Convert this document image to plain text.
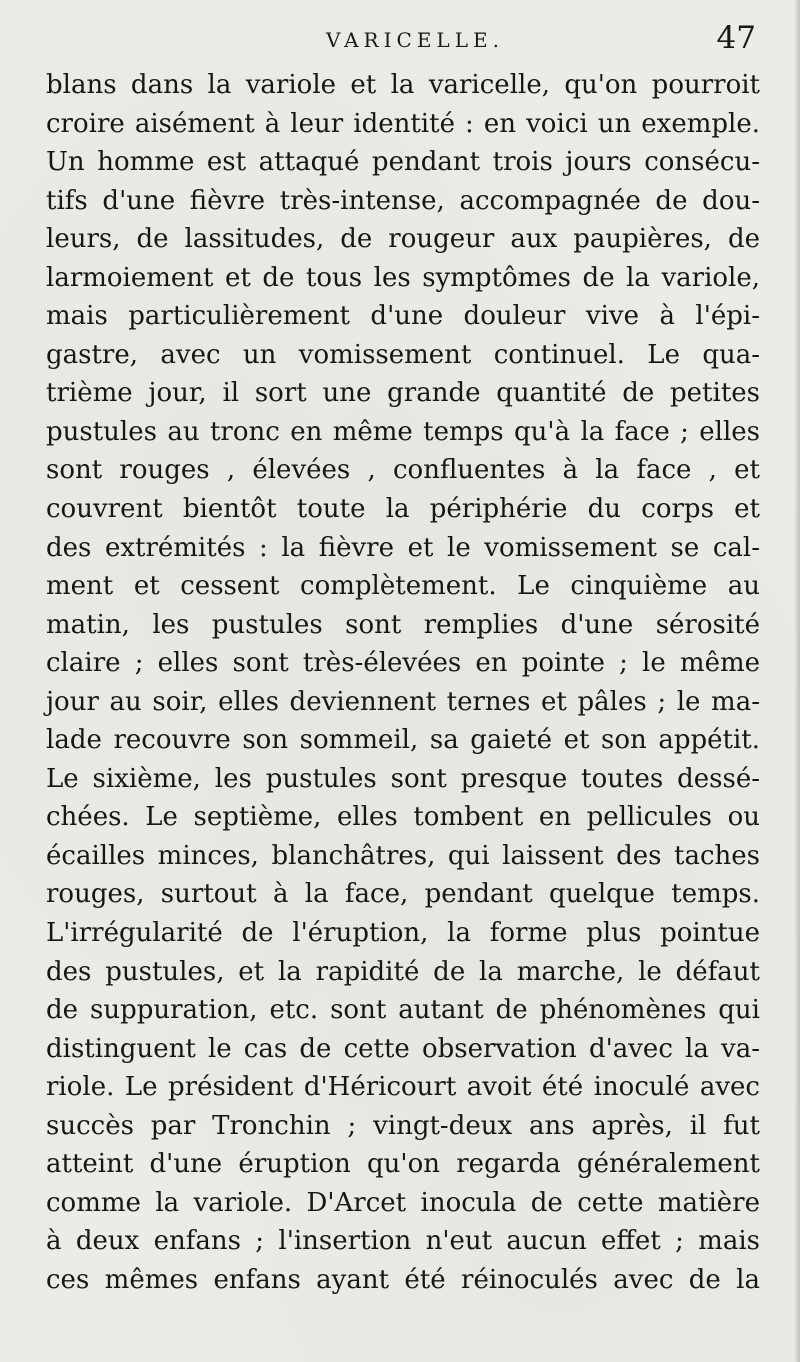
VARICELLE.	47
blans dans la variole et la varicelle, qu'on pourroit
croire aisément à leur identité : en voici un exemple.
Un homme est attaqué pendant trois jours consécu-
tifs d'une fièvre très-intense, accompagnée de dou-
leurs, de lassitudes, de rougeur aux paupières, de
larmoiement et de tous les symptômes de la variole,
mais particulièrement d'une douleur vive à l'épi-
gastre, avec un vomissement continuel. Le qua-
trième jour, il sort une grande quantité de petites
pustules au tronc en même temps qu'à la face ; elles
sont rouges , élevées , confluentes à la face , et
couvrent bientôt toute la périphérie du corps et
des extrémités : la fièvre et le vomissement se cal-
ment et cessent complètement. Le cinquième au
matin, les pustules sont remplies d'une sérosité
claire ; elles sont très-élevées en pointe ; le même
jour au soir, elles deviennent ternes et pâles ; le ma-
lade recouvre son sommeil, sa gaieté et son appétit.
Le sixième, les pustules sont presque toutes dessé-
chées. Le septième, elles tombent en pellicules ou
écailles minces, blanchâtres, qui laissent des taches
rouges, surtout à la face, pendant quelque temps.
L'irrégularité de l'éruption, la forme plus pointue
des pustules, et la rapidité de la marche, le défaut
de suppuration, etc. sont autant de phénomènes qui
distinguent le cas de cette observation d'avec la va-
riole. Le président d'Héricourt avoit été inoculé avec
succès par Tronchin ; vingt-deux ans après, il fut
atteint d'une éruption qu'on regarda généralement
comme la variole. D'Arcet inocula de cette matière
à deux enfans ; l'insertion n'eut aucun effet ; mais
ces mêmes enfans ayant été réinoculés avec de la
